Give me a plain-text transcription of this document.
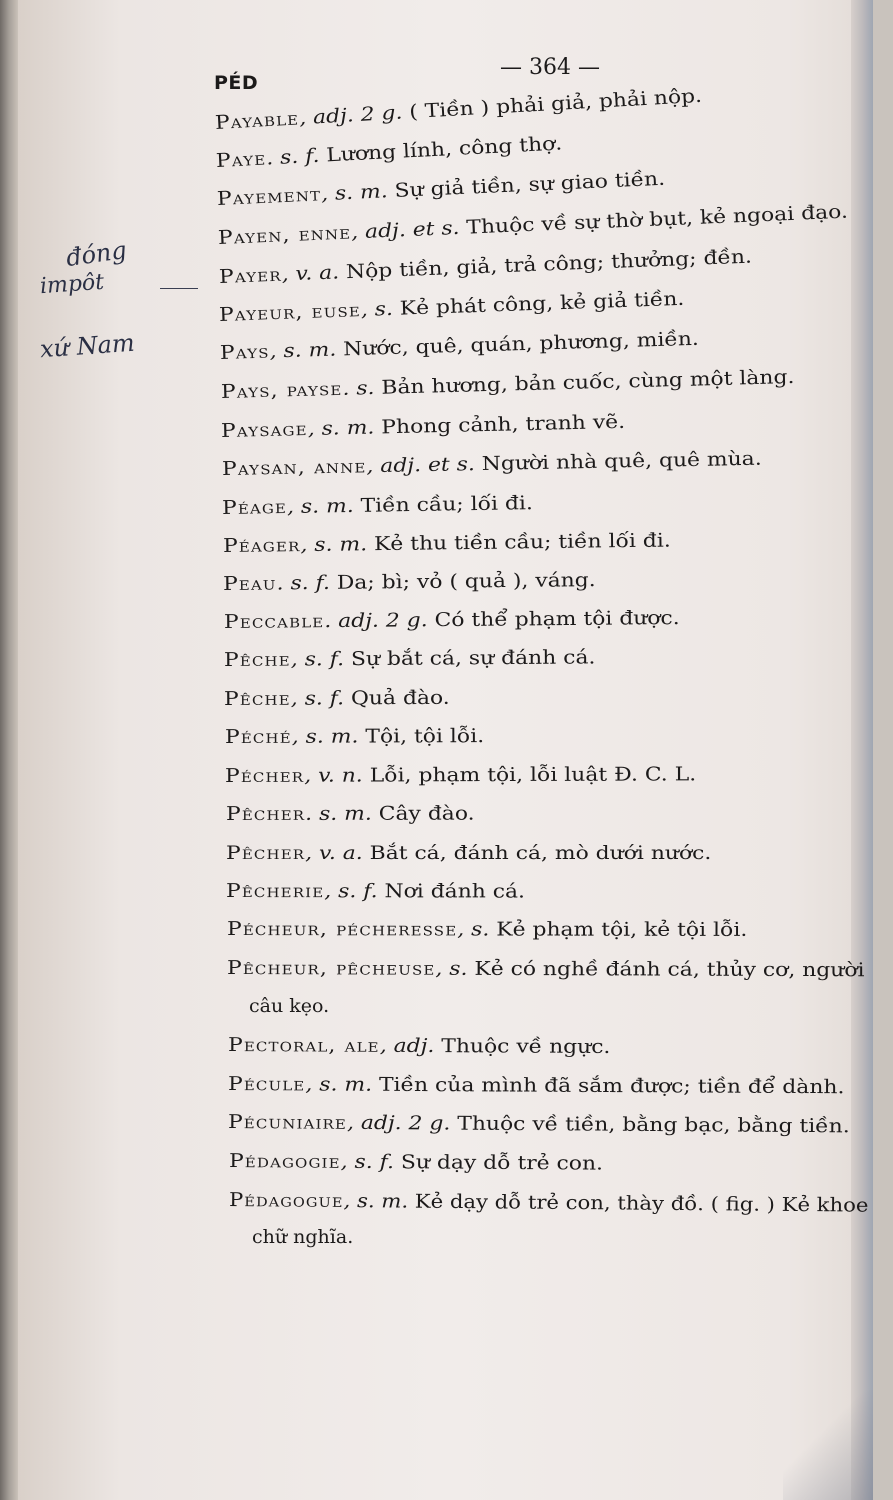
PÉD
— 364 —
đóng
impôt
xứ Nam
Payable, adj. 2 g. ( Tiền ) phải giả, phải nộp.
Paye. s. f. Lương lính, công thợ.
Payement, s. m. Sự giả tiền, sự giao tiền.
Payen, enne, adj. et s. Thuộc về sự thờ bụt, kẻ ngoại đạo.
Payer, v. a. Nộp tiền, giả, trả công; thưởng; đền.
Payeur, euse, s. Kẻ phát công, kẻ giả tiền.
Pays, s. m. Nước, quê, quán, phương, miền.
Pays, payse. s. Bản hương, bản cuốc, cùng một làng.
Paysage, s. m. Phong cảnh, tranh vẽ.
Paysan, anne, adj. et s. Người nhà quê, quê mùa.
Péage, s. m. Tiền cầu; lối đi.
Péager, s. m. Kẻ thu tiền cầu; tiền lối đi.
Peau. s. f. Da; bì; vỏ ( quả ), váng.
Peccable. adj. 2 g. Có thể phạm tội được.
Pêche, s. f. Sự bắt cá, sự đánh cá.
Pêche, s. f. Quả đào.
Péché, s. m. Tội, tội lỗi.
Pécher, v. n. Lỗi, phạm tội, lỗi luật Đ. C. L.
Pêcher. s. m. Cây đào.
Pêcher, v. a. Bắt cá, đánh cá, mò dưới nước.
Pêcherie, s. f. Nơi đánh cá.
Pécheur, pécheresse, s. Kẻ phạm tội, kẻ tội lỗi.
Pêcheur, pêcheuse, s. Kẻ có nghề đánh cá, thủy cơ, người
câu kẹo.
Pectoral, ale, adj. Thuộc về ngực.
Pécule, s. m. Tiền của mình đã sắm được; tiền để dành.
Pécuniaire, adj. 2 g. Thuộc về tiền, bằng bạc, bằng tiền.
Pédagogie, s. f. Sự dạy dỗ trẻ con.
Pédagogue, s. m. Kẻ dạy dỗ trẻ con, thày đồ. ( fig. ) Kẻ khoe
chữ nghĩa.
